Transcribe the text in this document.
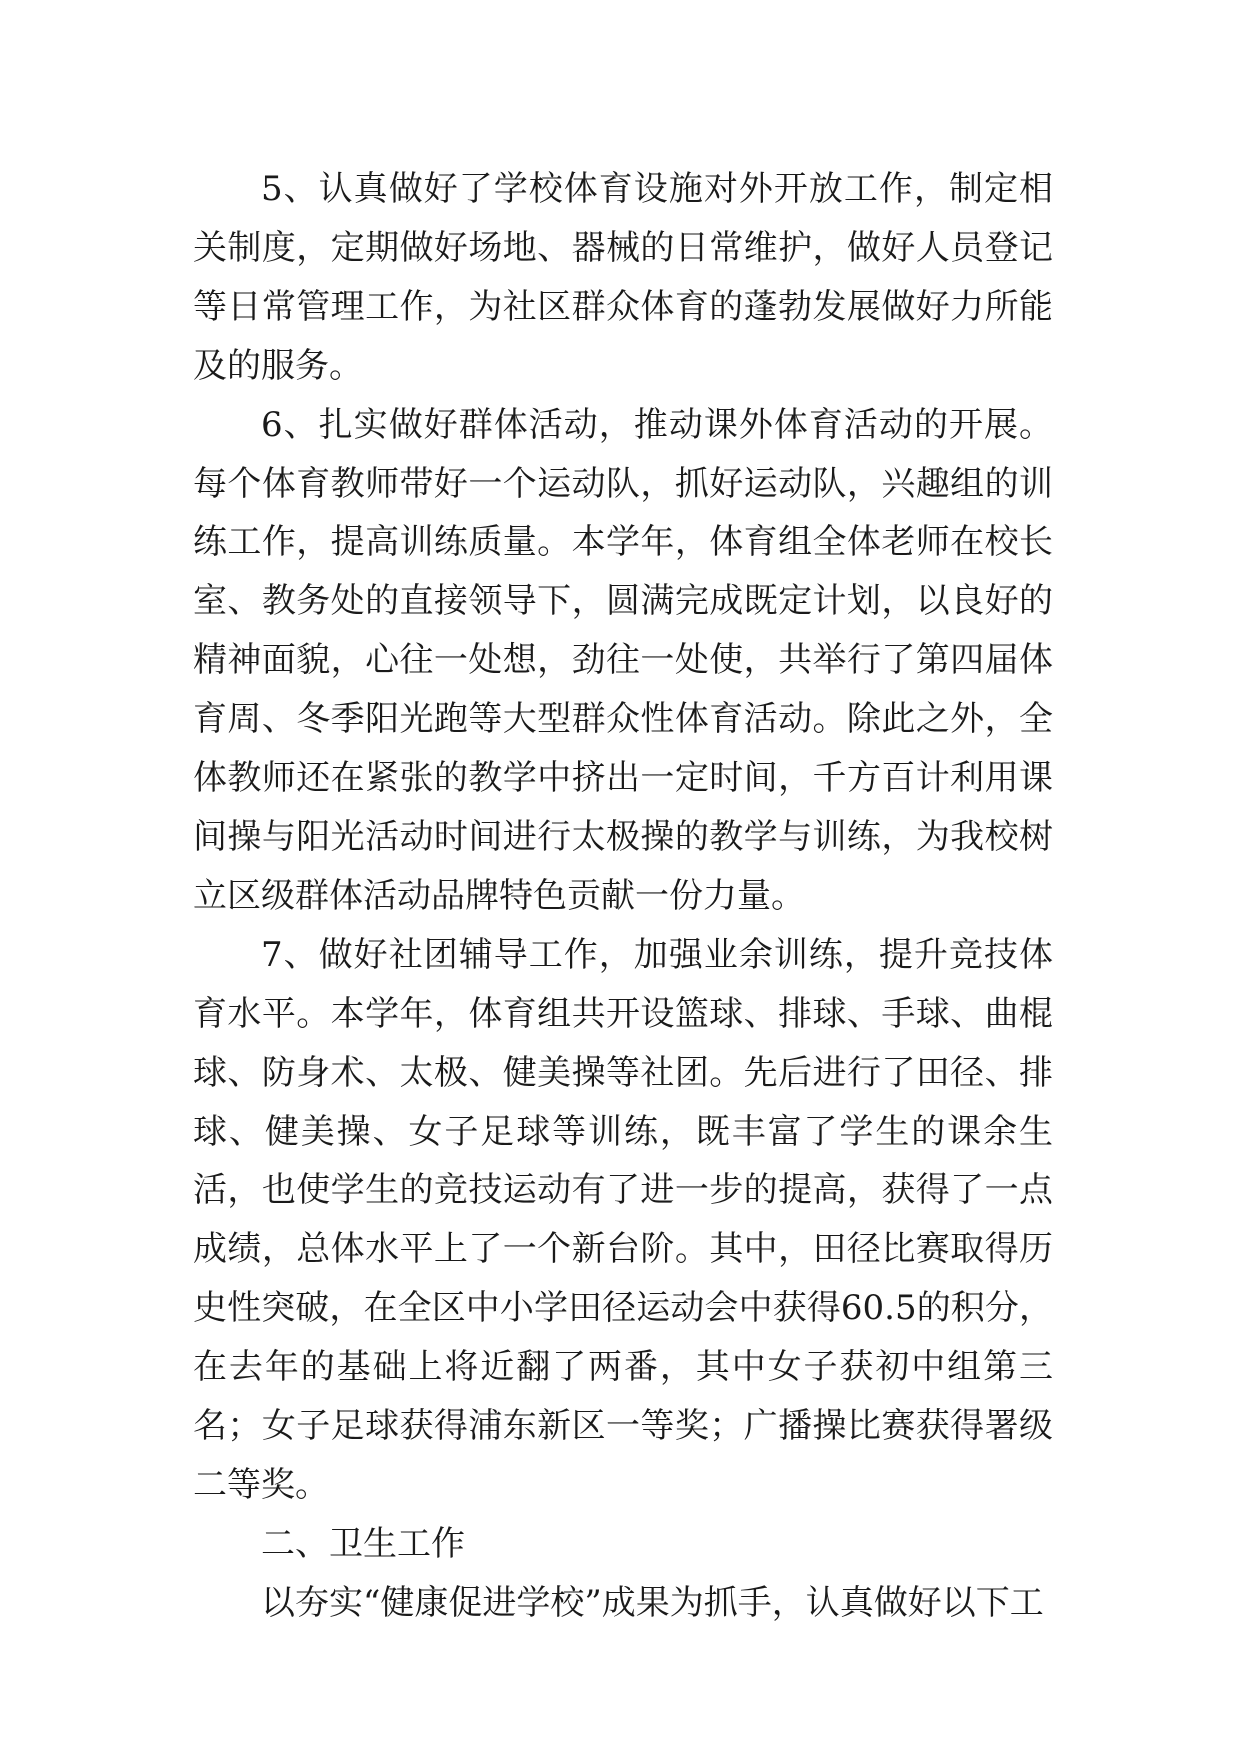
5、认真做好了学校体育设施对外开放工作，制定相关制度，定期做好场地、器械的日常维护，做好人员登记等日常管理工作，为社区群众体育的蓬勃发展做好力所能及的服务。

6、扎实做好群体活动，推动课外体育活动的开展。每个体育教师带好一个运动队，抓好运动队，兴趣组的训练工作，提高训练质量。本学年，体育组全体老师在校长室、教务处的直接领导下，圆满完成既定计划，以良好的精神面貌，心往一处想，劲往一处使，共举行了第四届体育周、冬季阳光跑等大型群众性体育活动。除此之外，全体教师还在紧张的教学中挤出一定时间，千方百计利用课间操与阳光活动时间进行太极操的教学与训练，为我校树立区级群体活动品牌特色贡献一份力量。

7、做好社团辅导工作，加强业余训练，提升竞技体育水平。本学年，体育组共开设篮球、排球、手球、曲棍球、防身术、太极、健美操等社团。先后进行了田径、排球、健美操、女子足球等训练，既丰富了学生的课余生活，也使学生的竞技运动有了进一步的提高，获得了一点成绩，总体水平上了一个新台阶。其中，田径比赛取得历史性突破，在全区中小学田径运动会中获得60.5的积分，在去年的基础上将近翻了两番，其中女子获初中组第三名；女子足球获得浦东新区一等奖；广播操比赛获得署级二等奖。

二、卫生工作

以夯实“健康促进学校”成果为抓手，认真做好以下工
